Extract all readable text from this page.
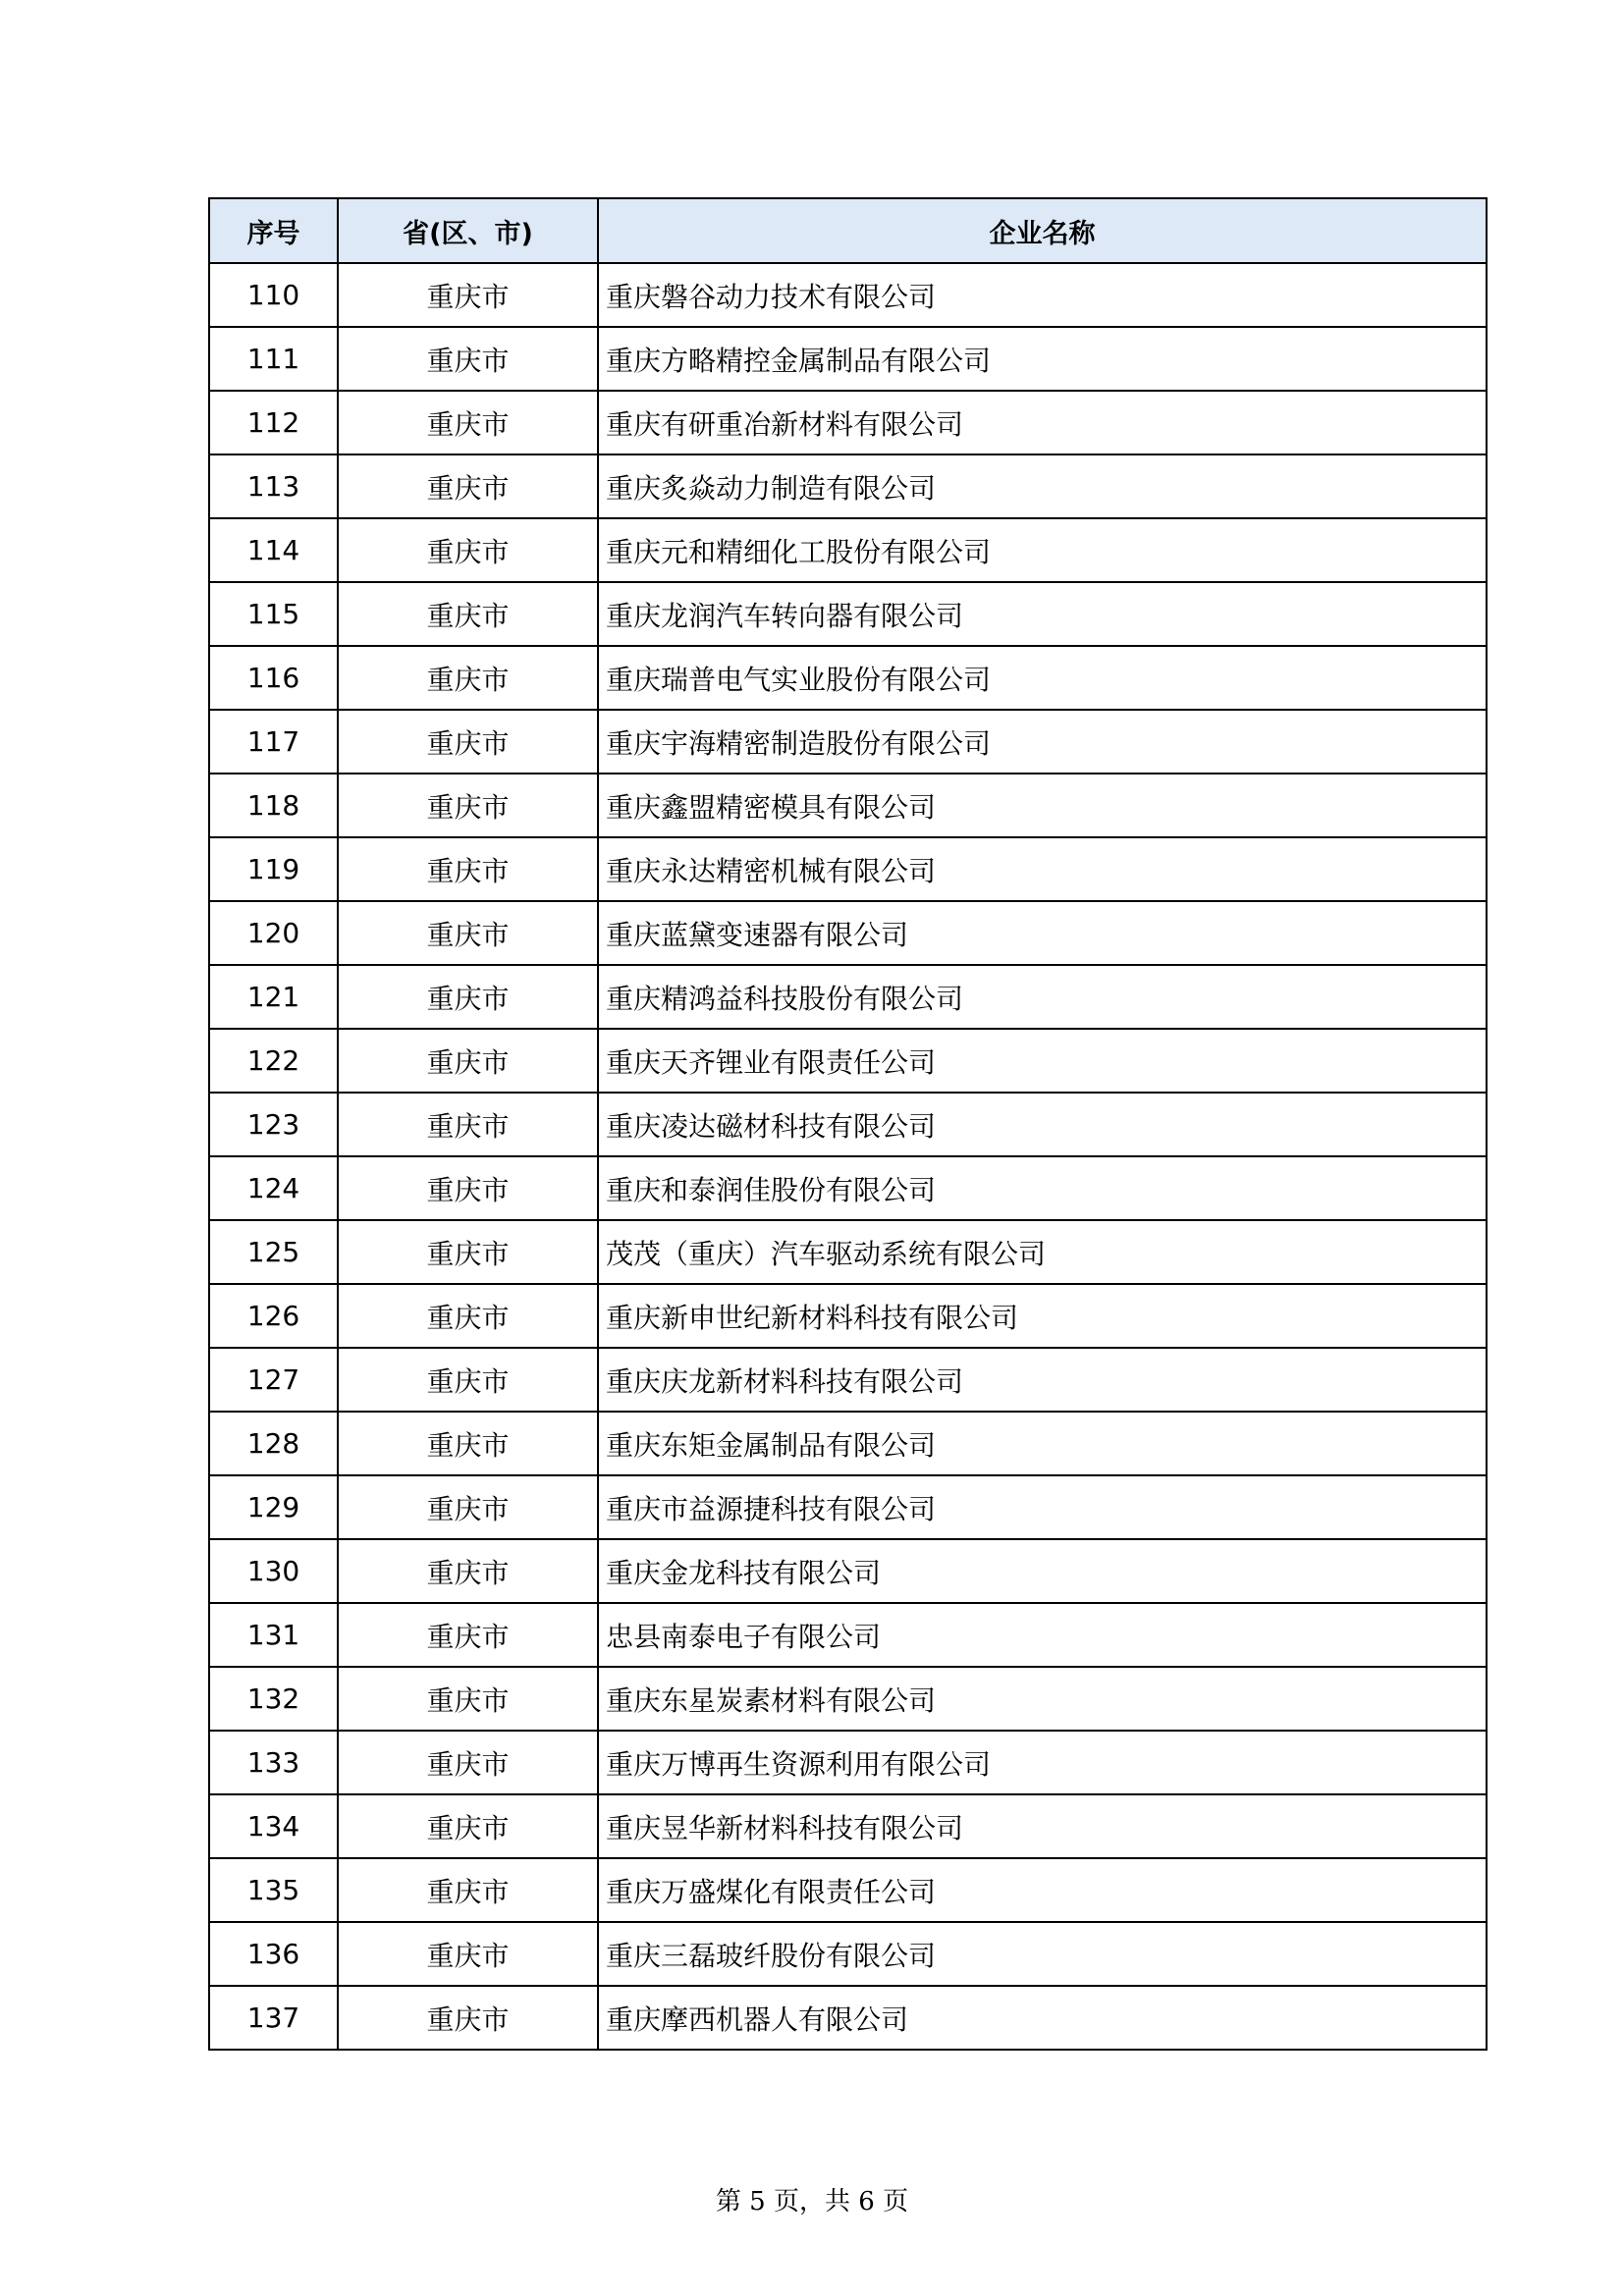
序号	省(区、市)	企业名称
110	重庆市	重庆磐谷动力技术有限公司
111	重庆市	重庆方略精控金属制品有限公司
112	重庆市	重庆有研重冶新材料有限公司
113	重庆市	重庆炙焱动力制造有限公司
114	重庆市	重庆元和精细化工股份有限公司
115	重庆市	重庆龙润汽车转向器有限公司
116	重庆市	重庆瑞普电气实业股份有限公司
117	重庆市	重庆宇海精密制造股份有限公司
118	重庆市	重庆鑫盟精密模具有限公司
119	重庆市	重庆永达精密机械有限公司
120	重庆市	重庆蓝黛变速器有限公司
121	重庆市	重庆精鸿益科技股份有限公司
122	重庆市	重庆天齐锂业有限责任公司
123	重庆市	重庆凌达磁材科技有限公司
124	重庆市	重庆和泰润佳股份有限公司
125	重庆市	茂茂（重庆）汽车驱动系统有限公司
126	重庆市	重庆新申世纪新材料科技有限公司
127	重庆市	重庆庆龙新材料科技有限公司
128	重庆市	重庆东矩金属制品有限公司
129	重庆市	重庆市益源捷科技有限公司
130	重庆市	重庆金龙科技有限公司
131	重庆市	忠县南泰电子有限公司
132	重庆市	重庆东星炭素材料有限公司
133	重庆市	重庆万博再生资源利用有限公司
134	重庆市	重庆昱华新材料科技有限公司
135	重庆市	重庆万盛煤化有限责任公司
136	重庆市	重庆三磊玻纤股份有限公司
137	重庆市	重庆摩西机器人有限公司
第 5 页，共 6 页
